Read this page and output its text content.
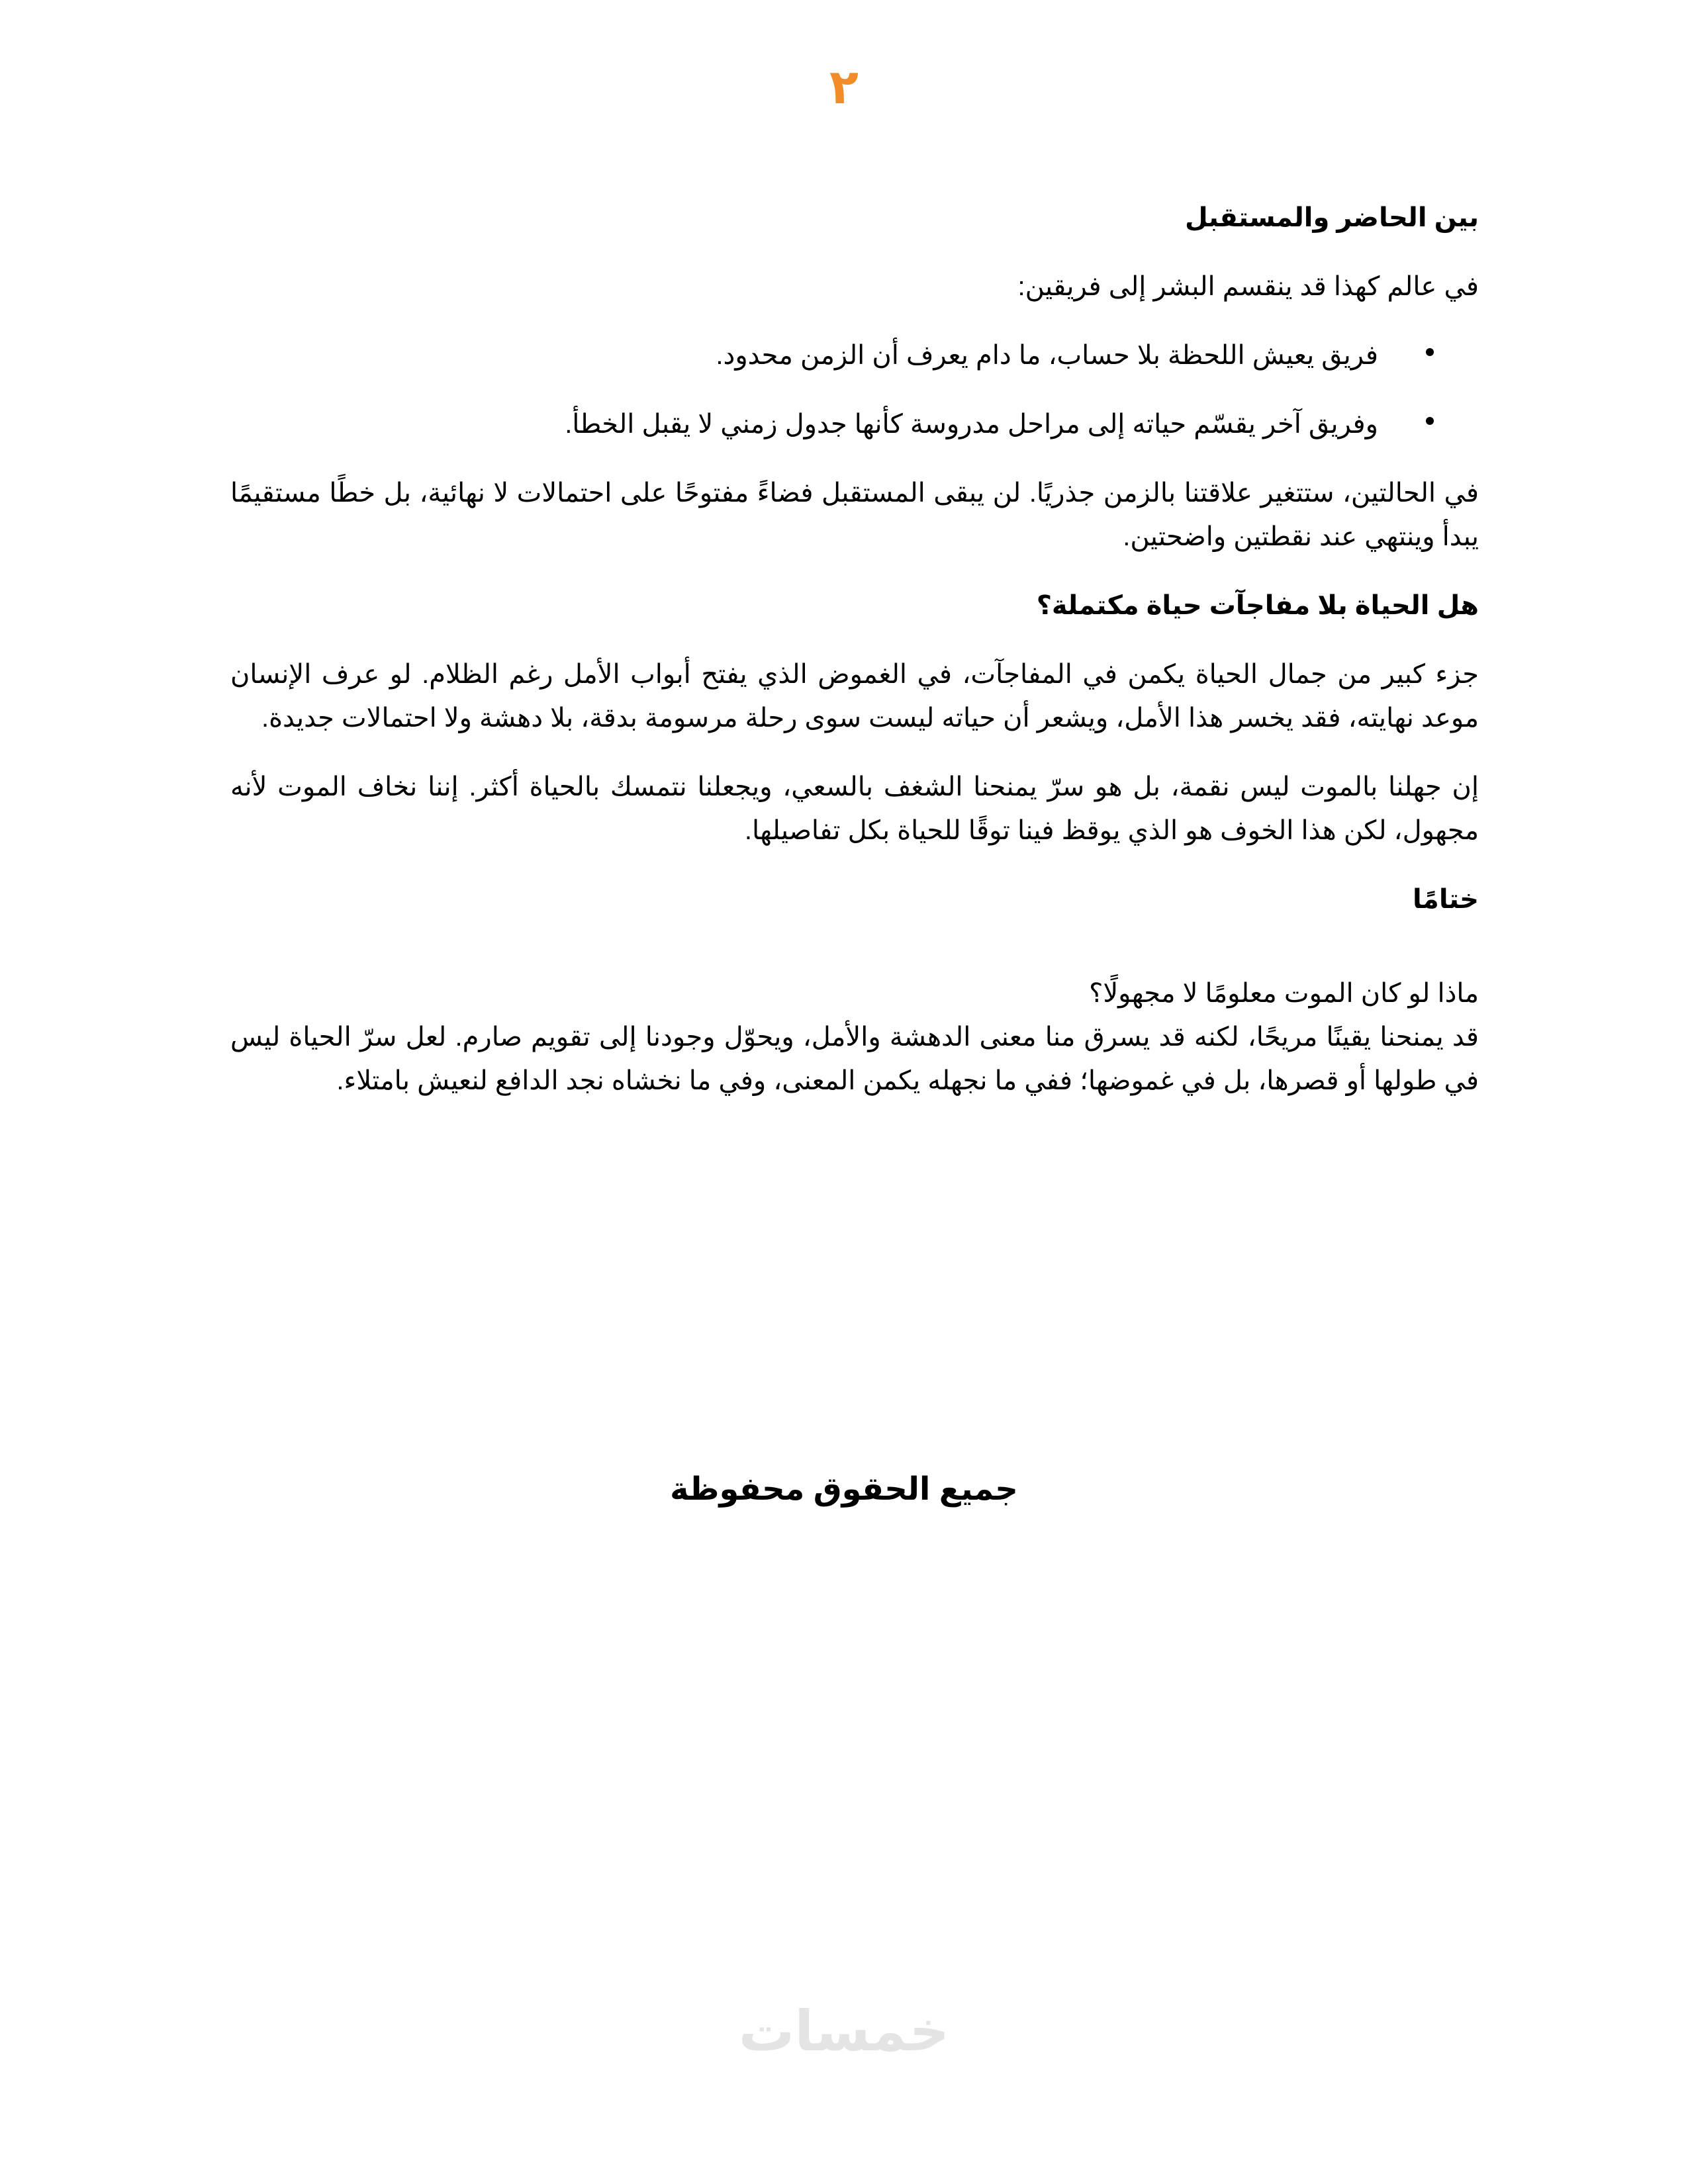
٢
بين الحاضر والمستقبل
في عالم كهذا قد ينقسم البشر إلى فريقين:
فريق يعيش اللحظة بلا حساب، ما دام يعرف أن الزمن محدود.
وفريق آخر يقسّم حياته إلى مراحل مدروسة كأنها جدول زمني لا يقبل الخطأ.
في الحالتين، ستتغير علاقتنا بالزمن جذريًا. لن يبقى المستقبل فضاءً مفتوحًا على احتمالات لا نهائية، بل خطًا مستقيمًا يبدأ وينتهي عند نقطتين واضحتين.
هل الحياة بلا مفاجآت حياة مكتملة؟
جزء كبير من جمال الحياة يكمن في المفاجآت، في الغموض الذي يفتح أبواب الأمل رغم الظلام. لو عرف الإنسان موعد نهايته، فقد يخسر هذا الأمل، ويشعر أن حياته ليست سوى رحلة مرسومة بدقة، بلا دهشة ولا احتمالات جديدة.
إن جهلنا بالموت ليس نقمة، بل هو سرّ يمنحنا الشغف بالسعي، ويجعلنا نتمسك بالحياة أكثر. إننا نخاف الموت لأنه مجهول، لكن هذا الخوف هو الذي يوقظ فينا توقًا للحياة بكل تفاصيلها.
ختامًا
ماذا لو كان الموت معلومًا لا مجهولًا؟
قد يمنحنا يقينًا مريحًا، لكنه قد يسرق منا معنى الدهشة والأمل، ويحوّل وجودنا إلى تقويم صارم. لعل سرّ الحياة ليس في طولها أو قصرها، بل في غموضها؛ ففي ما نجهله يكمن المعنى، وفي ما نخشاه نجد الدافع لنعيش بامتلاء.
جميع الحقوق محفوظة
خمسات
